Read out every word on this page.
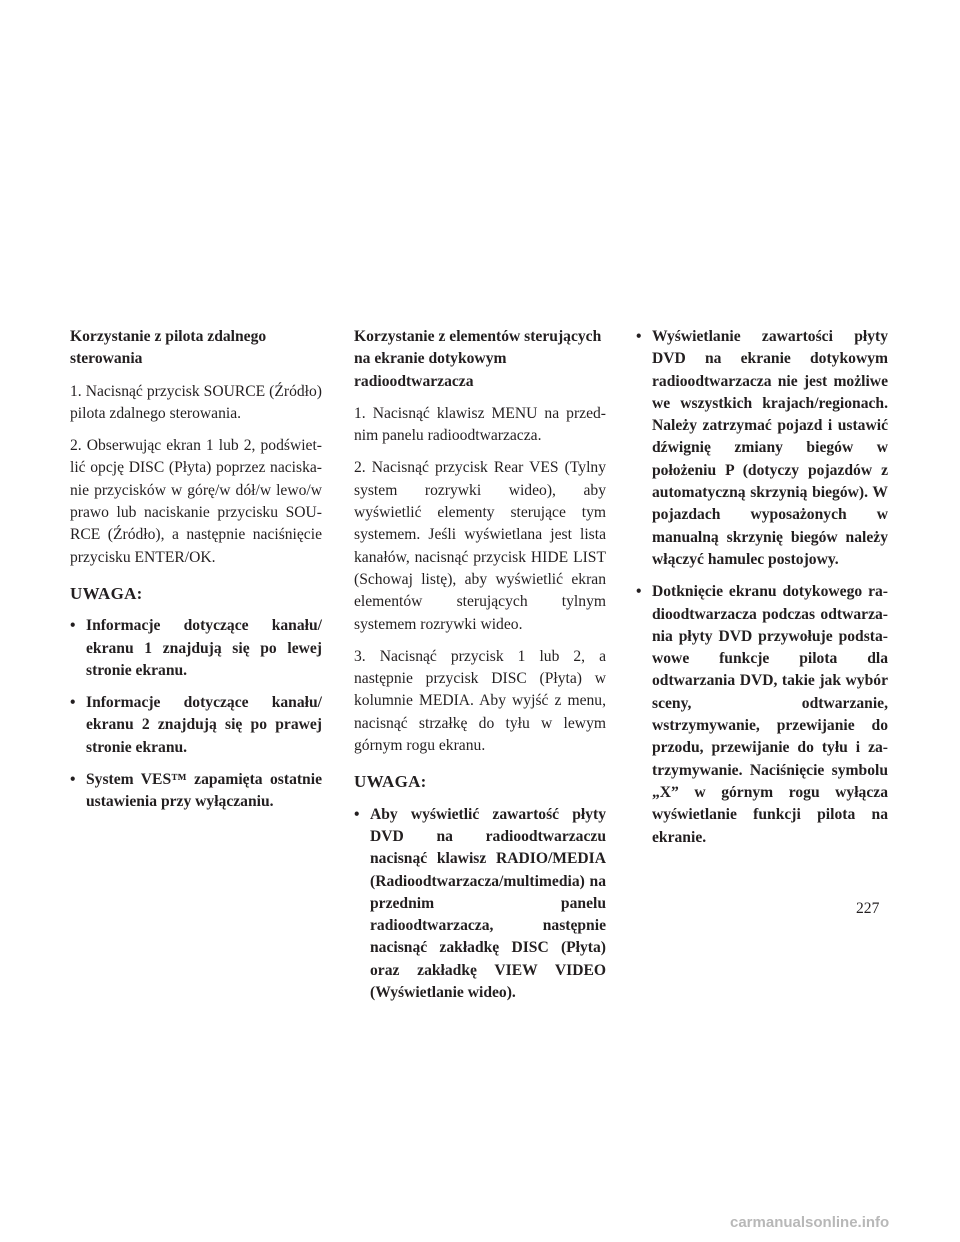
Korzystanie z pilota zdalnego sterowania

1. Nacisnąć przycisk SOURCE (Źródło) pilota zdalnego sterowania.

2. Obserwując ekran 1 lub 2, podświetlić opcję DISC (Płyta) poprzez naciskanie przycisków w górę/w dół/w lewo/w prawo lub naciskanie przycisku SOURCE (Źródło), a następnie naciśnięcie przycisku ENTER/OK.

UWAGA:
• Informacje dotyczące kanału/ ekranu 1 znajdują się po lewej stronie ekranu.
• Informacje dotyczące kanału/ ekranu 2 znajdują się po prawej stronie ekranu.
• System VES™ zapamięta ostatnie ustawienia przy wyłączaniu.
Korzystanie z elementów sterujących na ekranie dotykowym radioodtwarzacza

1. Nacisnąć klawisz MENU na przednim panelu radioodtwarzacza.

2. Nacisnąć przycisk Rear VES (Tylny system rozrywki wideo), aby wyświetlić elementy sterujące tym systemem. Jeśli wyświetlana jest lista kanałów, nacisnąć przycisk HIDE LIST (Schowaj listę), aby wyświetlić ekran elementów sterujących tylnym systemem rozrywki wideo.

3. Nacisnąć przycisk 1 lub 2, a następnie przycisk DISC (Płyta) w kolumnie MEDIA. Aby wyjść z menu, nacisnąć strzałkę do tyłu w lewym górnym rogu ekranu.

UWAGA:
• Aby wyświetlić zawartość płyty DVD na radioodtwarzaczu nacisnąć klawisz RADIO/MEDIA (Radioodtwarzacza/multimedia) na przednim panelu radioodtwarzacza, następnie nacisnąć zakładkę DISC (Płyta) oraz zakładkę VIEW VIDEO (Wyświetlanie wideo).
• Wyświetlanie zawartości płyty DVD na ekranie dotykowym radioodtwarzacza nie jest możliwe we wszystkich krajach/regionach. Należy zatrzymać pojazd i ustawić dźwignię zmiany biegów w położeniu P (dotyczy pojazdów z automatyczną skrzynią biegów). W pojazdach wyposażonych w manualną skrzynię biegów należy włączyć hamulec postojowy.
• Dotknięcie ekranu dotykowego radioodtwarzacza podczas odtwarzania płyty DVD przywołuje podstawowe funkcje pilota dla odtwarzania DVD, takie jak wybór sceny, odtwarzanie, wstrzymywanie, przewijanie do przodu, przewijanie do tyłu i zatrzymywanie. Naciśnięcie symbolu „X” w górnym rogu wyłącza wyświetlanie funkcji pilota na ekranie.
227
carmanualsonline.info
